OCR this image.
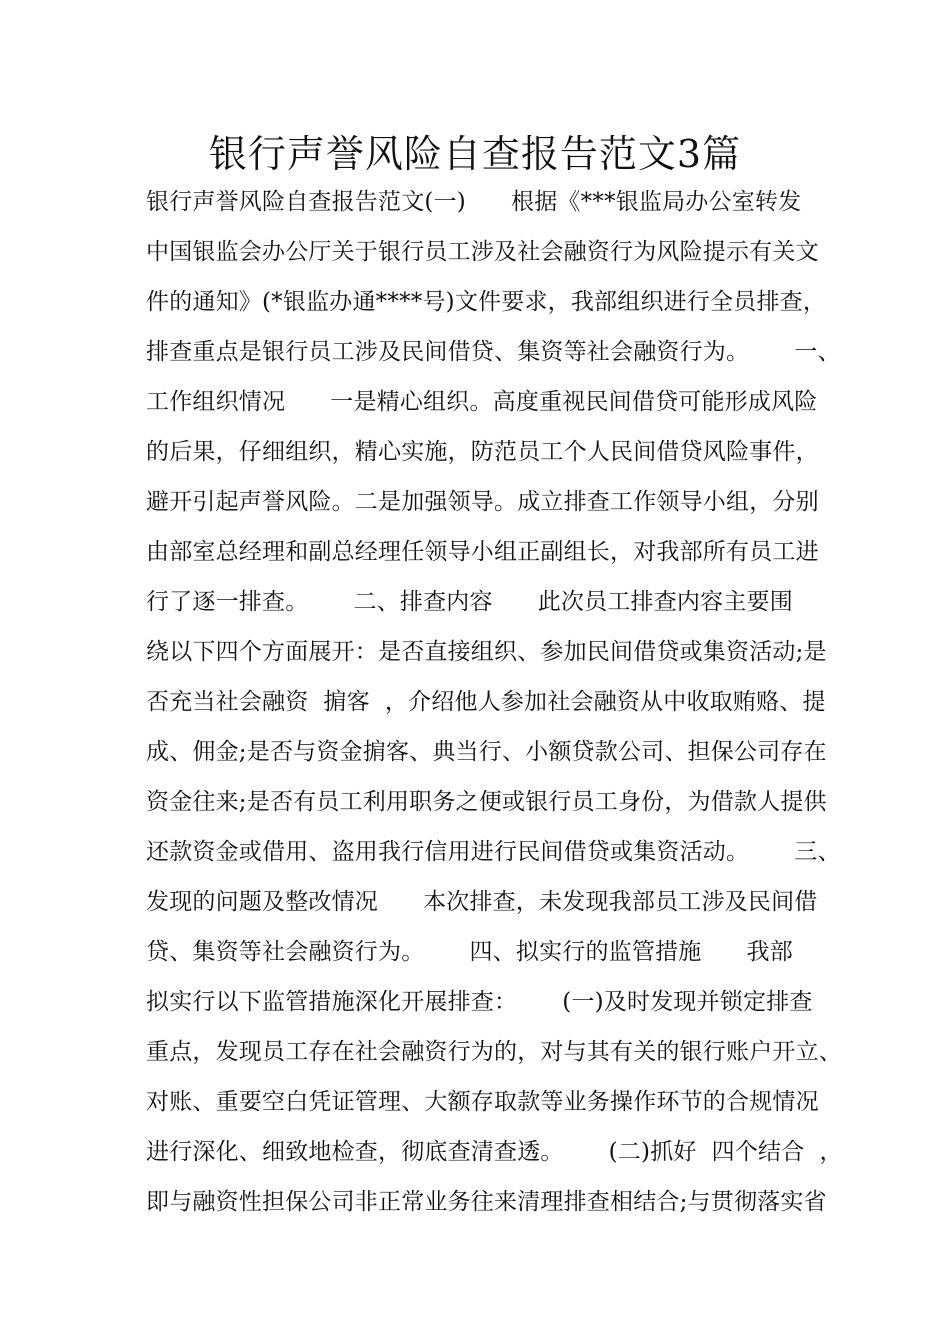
银行声誉风险自查报告范文3篇
银行声誉风险自查报告范文(一)      根据《***银监局办公室转发
中国银监会办公厅关于银行员工涉及社会融资行为风险提示有关文
件的通知》(*银监办通****号)文件要求，我部组织进行全员排查，
排查重点是银行员工涉及民间借贷、集资等社会融资行为。      一、
工作组织情况      一是精心组织。高度重视民间借贷可能形成风险
的后果，仔细组织，精心实施，防范员工个人民间借贷风险事件，
避开引起声誉风险。二是加强领导。成立排查工作领导小组，分别
由部室总经理和副总经理任领导小组正副组长，对我部所有员工进
行了逐一排查。      二、排查内容      此次员工排查内容主要围
绕以下四个方面展开：是否直接组织、参加民间借贷或集资活动;是
否充当社会融资  掮客  ，介绍他人参加社会融资从中收取贿赂、提
成、佣金;是否与资金掮客、典当行、小额贷款公司、担保公司存在
资金往来;是否有员工利用职务之便或银行员工身份，为借款人提供
还款资金或借用、盗用我行信用进行民间借贷或集资活动。      三、
发现的问题及整改情况      本次排查，未发现我部员工涉及民间借
贷、集资等社会融资行为。      四、拟实行的监管措施      我部
拟实行以下监管措施深化开展排查：      (一)及时发现并锁定排查
重点，发现员工存在社会融资行为的，对与其有关的银行账户开立、
对账、重要空白凭证管理、大额存取款等业务操作环节的合规情况
进行深化、细致地检查，彻底查清查透。      (二)抓好  四个结合  ，
即与融资性担保公司非正常业务往来清理排查相结合;与贯彻落实省
